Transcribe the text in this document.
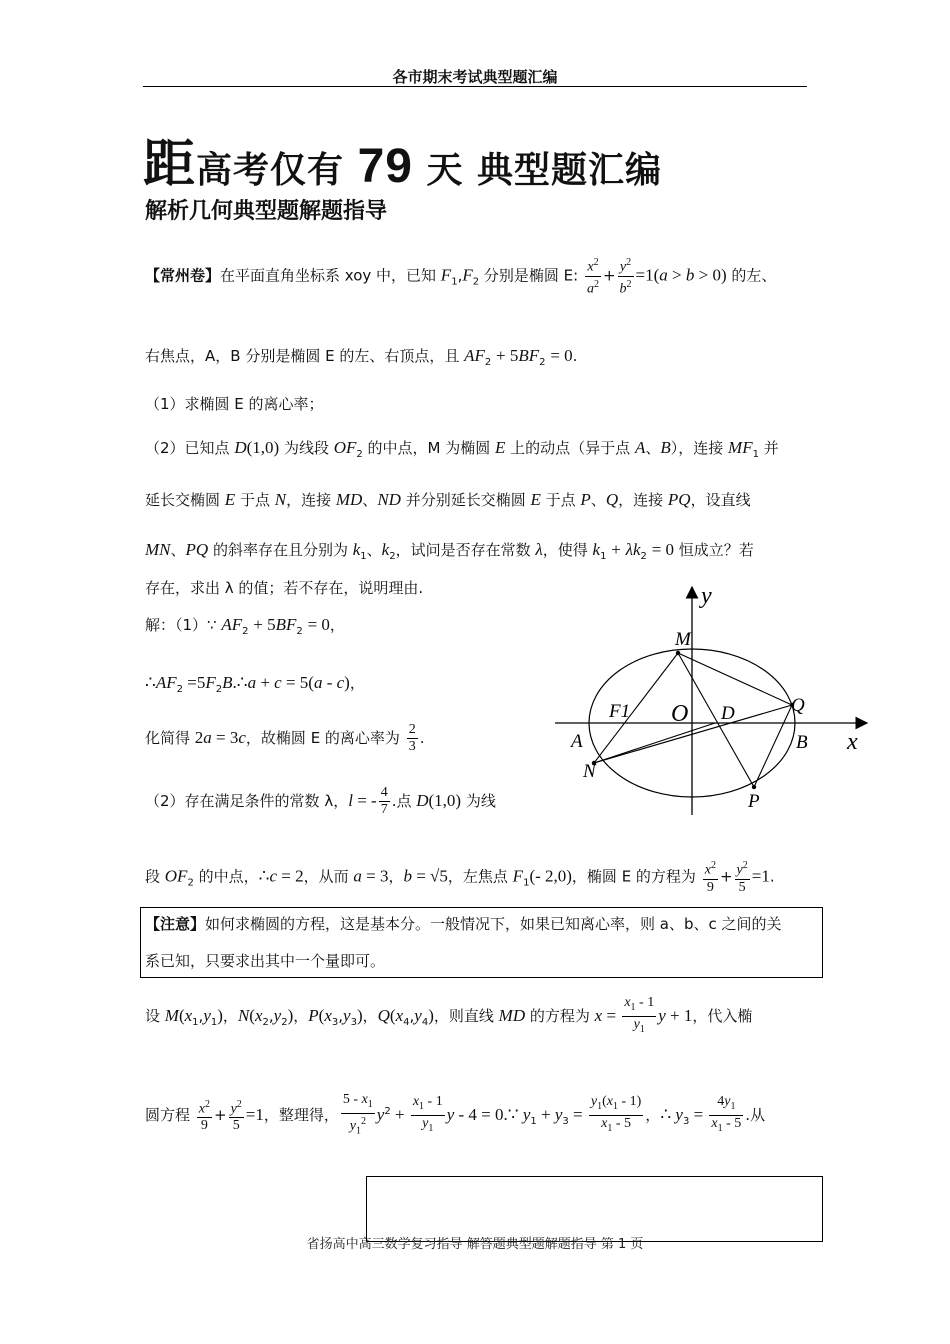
各市期末考试典型题汇编
距高考仅有 79 天 典型题汇编
解析几何典型题解题指导
【常州卷】在平面直角坐标系 xoy 中，已知 $F_1,F_2$ 分别是椭圆 E: $\frac{x^2}{a^2} + \frac{y^2}{b^2} =1(a > b > 0)$ 的左、
右焦点，A，B 分别是椭圆 E 的左、右顶点，且 $AF_2 + 5BF_2 = 0$.
（1）求椭圆 E 的离心率；
（2）已知点 D(1,0) 为线段 $OF_2$ 的中点，M 为椭圆 E 上的动点（异于点 A、B），连接 $MF_1$ 并
延长交椭圆 E 于点 N，连接 MD、ND 并分别延长交椭圆 E 于点 P、Q，连接 PQ，设直线
MN、PQ 的斜率存在且分别为 $k_1$、$k_2$，试问是否存在常数 λ，使得 $k_1 + \lambda k_2 = 0$ 恒成立？若
存在，求出 λ 的值；若不存在，说明理由.
解：（1）∵ $AF_2 + 5BF_2 = 0$，
$\therefore AF_2$ $=5F_2B.\therefore a + c = 5(a - c)$，
化简得 2a = 3c，故椭圆 E 的离心率为 $\frac{2}{3}$ .
（2）存在满足条件的常数 λ，l = - $\frac{4}{7}$ .点 D(1,0) 为线
段 $OF_2$ 的中点，∴c = 2，从而 a = 3，b = √5，左焦点 $F_1(-$ 2,0)，椭圆 E 的方程为 $\frac{x^2}{9} + \frac{y^2}{5} =1$.
【注意】如何求椭圆的方程，这是基本分。一般情况下，如果已知离心率，则 a、b、c 之间的关
系已知，只要求出其中一个量即可。
设 $M(x_1,y_1)$，$N(x_2,y_2)$，$P(x_3,y_3)$，$Q(x_4,y_4)$，则直线 MD 的方程为 $x = \frac{x_1 - 1}{y_1}$ y + 1，代入椭
圆方程 $\frac{x^2}{9} + \frac{y^2}{5} =1$，整理得， $\frac{5 - x_1}{y_1^2} y^2 + \frac{x_1 - 1}{y_1}$ y - 4 = 0.∵ $y_1 + y_3 = \frac{y_1(x_1 - 1)}{x_1 - 5}$ ，∴ $y_3 = \frac{4y_1}{x_1 - 5}$ .从
y
M
F1 O D	Q
A	B x
N
P
省扬高中高三数学复习指导 解答题典型题解题指导 第 1 页
